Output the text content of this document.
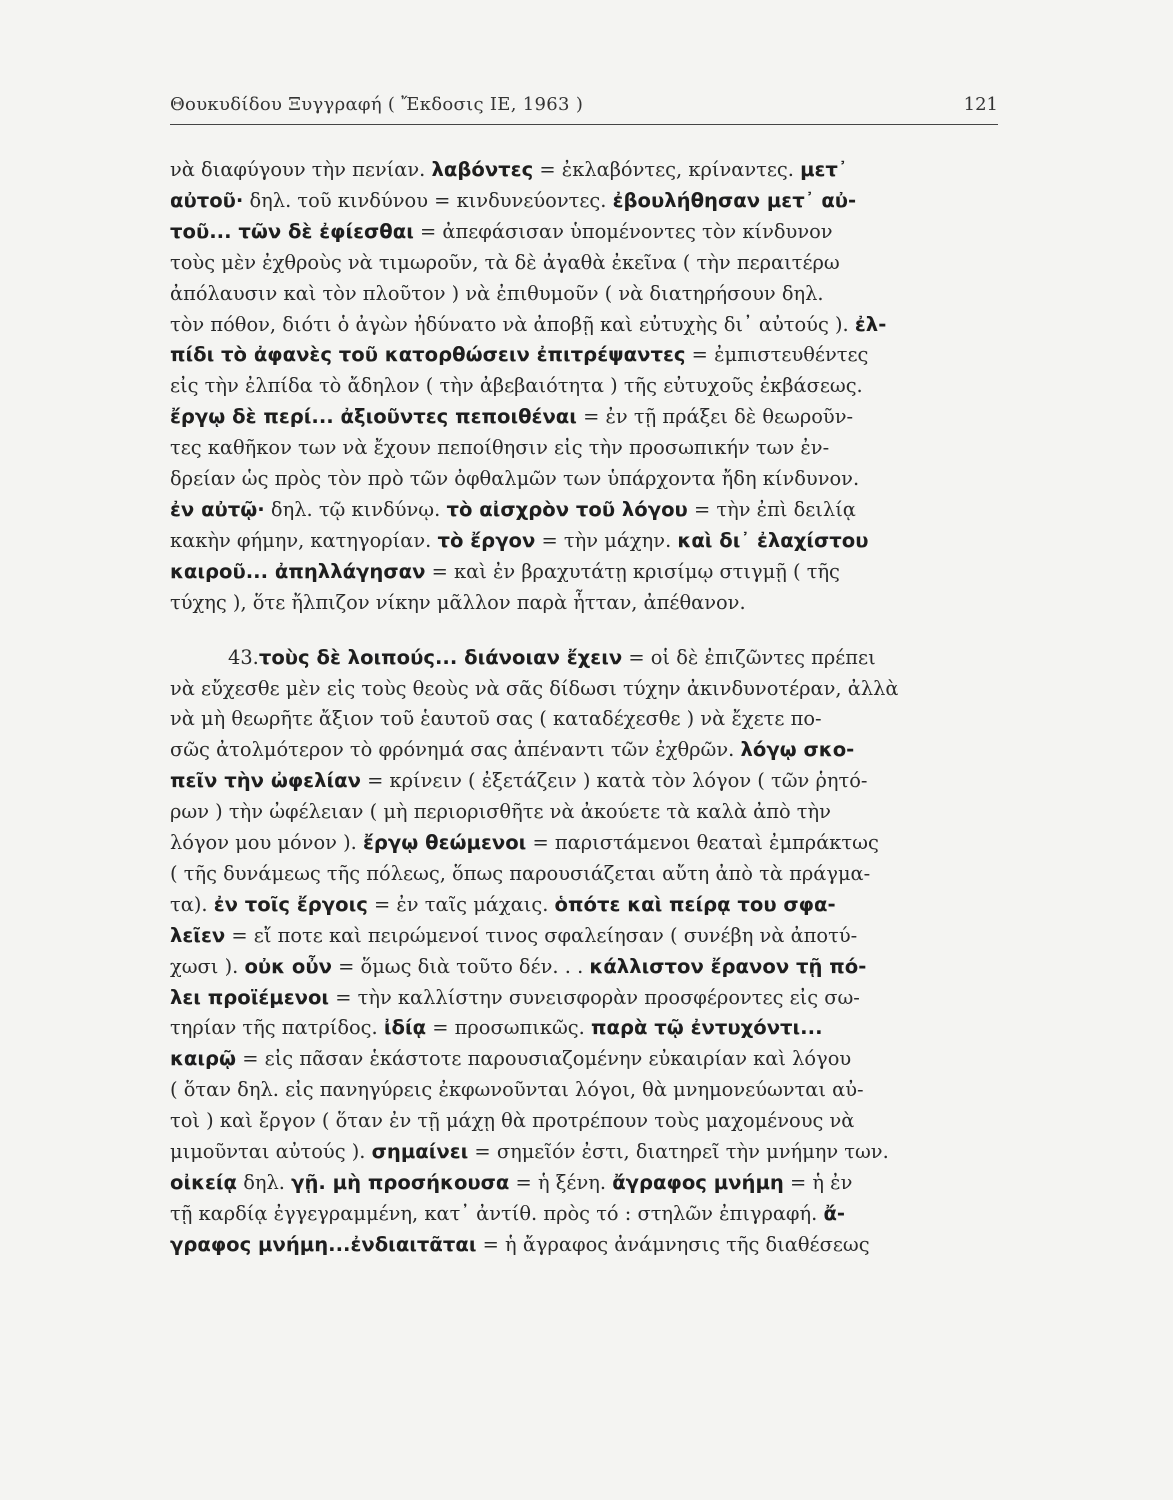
Θουκυδίδου Ξυγγραφή ( Ἔκδοσις ΙΕ, 1963 )	121
νὰ διαφύγουν τὴν πενίαν. λαβόντες = ἐκλαβόντες, κρίναντες. μετ᾽
αὐτοῦ· δηλ. τοῦ κινδύνου = κινδυνεύοντες. ἐβουλήθησαν μετ᾽ αὐ-
τοῦ... τῶν δὲ ἐφίεσθαι = ἀπεφάσισαν ὑπομένοντες τὸν κίνδυνον
τοὺς μὲν ἐχθροὺς νὰ τιμωροῦν, τὰ δὲ ἀγαθὰ ἐκεῖνα ( τὴν περαιτέρω
ἀπόλαυσιν καὶ τὸν πλοῦτον ) νὰ ἐπιθυμοῦν ( νὰ διατηρήσουν δηλ.
τὸν πόθον, διότι ὁ ἀγὼν ἠδύνατο νὰ ἀποβῇ καὶ εὐτυχὴς δι᾽ αὐτούς ). ἐλ-
πίδι τὸ ἀφανὲς τοῦ κατορθώσειν ἐπιτρέψαντες = ἐμπιστευθέντες
εἰς τὴν ἐλπίδα τὸ ἄδηλον ( τὴν ἀβεβαιότητα ) τῆς εὐτυχοῦς ἐκβάσεως.
ἔργῳ δὲ περί... ἀξιοῦντες πεποιθέναι = ἐν τῇ πράξει δὲ θεωροῦν-
τες καθῆκον των νὰ ἔχουν πεποίθησιν εἰς τὴν προσωπικήν των ἐν-
δρείαν ὡς πρὸς τὸν πρὸ τῶν ὀφθαλμῶν των ὑπάρχοντα ἤδη κίνδυνον.
ἐν αὐτῷ· δηλ. τῷ κινδύνῳ. τὸ αἰσχρὸν τοῦ λόγου = τὴν ἐπὶ δειλίᾳ
κακὴν φήμην, κατηγορίαν. τὸ ἔργον = τὴν μάχην. καὶ δι᾽ ἐλαχίστου
καιροῦ... ἀπηλλάγησαν = καὶ ἐν βραχυτάτῃ κρισίμῳ στιγμῇ ( τῆς
τύχης ), ὅτε ἤλπιζον νίκην μᾶλλον παρὰ ἧτταν, ἀπέθανον.
43.τοὺς δὲ λοιπούς... διάνοιαν ἔχειν = οἱ δὲ ἐπιζῶντες πρέπει
νὰ εὔχεσθε μὲν εἰς τοὺς θεοὺς νὰ σᾶς δίδωσι τύχην ἀκινδυνοτέραν, ἀλλὰ
νὰ μὴ θεωρῆτε ἄξιον τοῦ ἑαυτοῦ σας ( καταδέχεσθε ) νὰ ἔχετε πο-
σῶς ἀτολμότερον τὸ φρόνημά σας ἀπέναντι τῶν ἐχθρῶν. λόγῳ σκο-
πεῖν τὴν ὠφελίαν = κρίνειν ( ἐξετάζειν ) κατὰ τὸν λόγον ( τῶν ῥητό-
ρων ) τὴν ὠφέλειαν ( μὴ περιορισθῆτε νὰ ἀκούετε τὰ καλὰ ἀπὸ τὴν
λόγον μου μόνον ). ἔργῳ θεώμενοι = παριστάμενοι θεαταὶ ἐμπράκτως
( τῆς δυνάμεως τῆς πόλεως, ὅπως παρουσιάζεται αὔτη ἀπὸ τὰ πράγμα-
τα). ἐν τοῖς ἔργοις = ἐν ταῖς μάχαις. ὁπότε καὶ πείρᾳ του σφα-
λεῖεν = εἴ ποτε καὶ πειρώμενοί τινος σφαλείησαν ( συνέβη νὰ ἀποτύ-
χωσι ). οὐκ οὖν = ὅμως διὰ τοῦτο δέν. . . κάλλιστον ἔρανον τῇ πό-
λει προϊέμενοι = τὴν καλλίστην συνεισφορὰν προσφέροντες εἰς σω-
τηρίαν τῆς πατρίδος. ἰδίᾳ = προσωπικῶς. παρὰ τῷ ἐντυχόντι...
καιρῷ = εἰς πᾶσαν ἑκάστοτε παρουσιαζομένην εὐκαιρίαν καὶ λόγου
( ὅταν δηλ. εἰς πανηγύρεις ἐκφωνοῦνται λόγοι, θὰ μνημονεύωνται αὐ-
τοὶ ) καὶ ἔργον ( ὅταν ἐν τῇ μάχῃ θὰ προτρέπουν τοὺς μαχομένους νὰ
μιμοῦνται αὐτούς ). σημαίνει = σημεῖόν ἐστι, διατηρεῖ τὴν μνήμην των.
οἰκείᾳ δηλ. γῇ. μὴ προσήκουσα = ἡ ξένη. ἄγραφος μνήμη = ἡ ἐν
τῇ καρδίᾳ ἐγγεγραμμένη, κατ᾽ ἀντίθ. πρὸς τό : στηλῶν ἐπιγραφή. ἄ-
γραφος μνήμη...ἐνδιαιτᾶται = ἡ ἄγραφος ἀνάμνησις τῆς διαθέσεως
